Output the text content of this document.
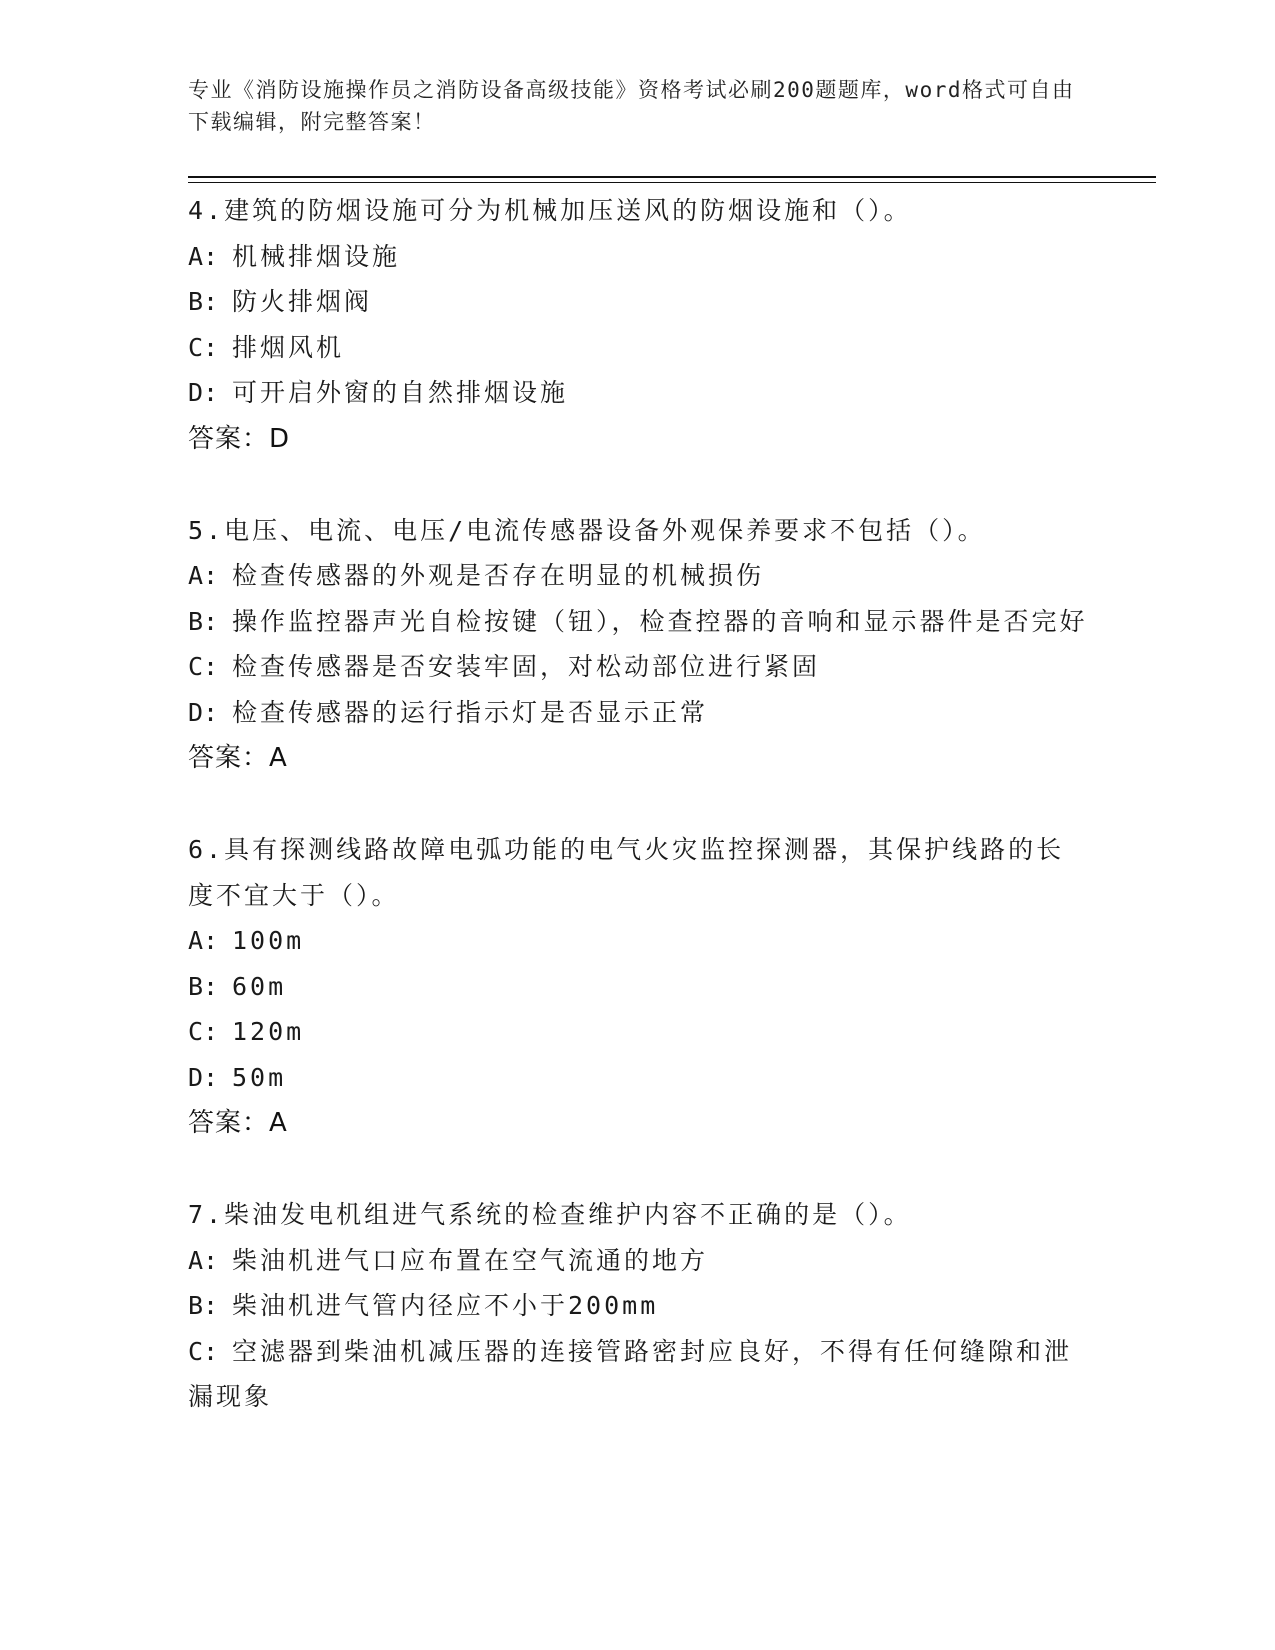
专业《消防设施操作员之消防设备高级技能》资格考试必刷200题题库，word格式可自由下载编辑，附完整答案！
4.建筑的防烟设施可分为机械加压送风的防烟设施和（）。
A: 机械排烟设施
B: 防火排烟阀
C: 排烟风机
D: 可开启外窗的自然排烟设施
答案：D
5.电压、电流、电压/电流传感器设备外观保养要求不包括（）。
A: 检查传感器的外观是否存在明显的机械损伤
B: 操作监控器声光自检按键（钮），检查控器的音响和显示器件是否完好
C: 检查传感器是否安装牢固，对松动部位进行紧固
D: 检查传感器的运行指示灯是否显示正常
答案：A
6.具有探测线路故障电弧功能的电气火灾监控探测器，其保护线路的长度不宜大于（）。
A: 100m
B: 60m
C: 120m
D: 50m
答案：A
7.柴油发电机组进气系统的检查维护内容不正确的是（）。
A: 柴油机进气口应布置在空气流通的地方
B: 柴油机进气管内径应不小于200mm
C: 空滤器到柴油机减压器的连接管路密封应良好，不得有任何缝隙和泄漏现象
